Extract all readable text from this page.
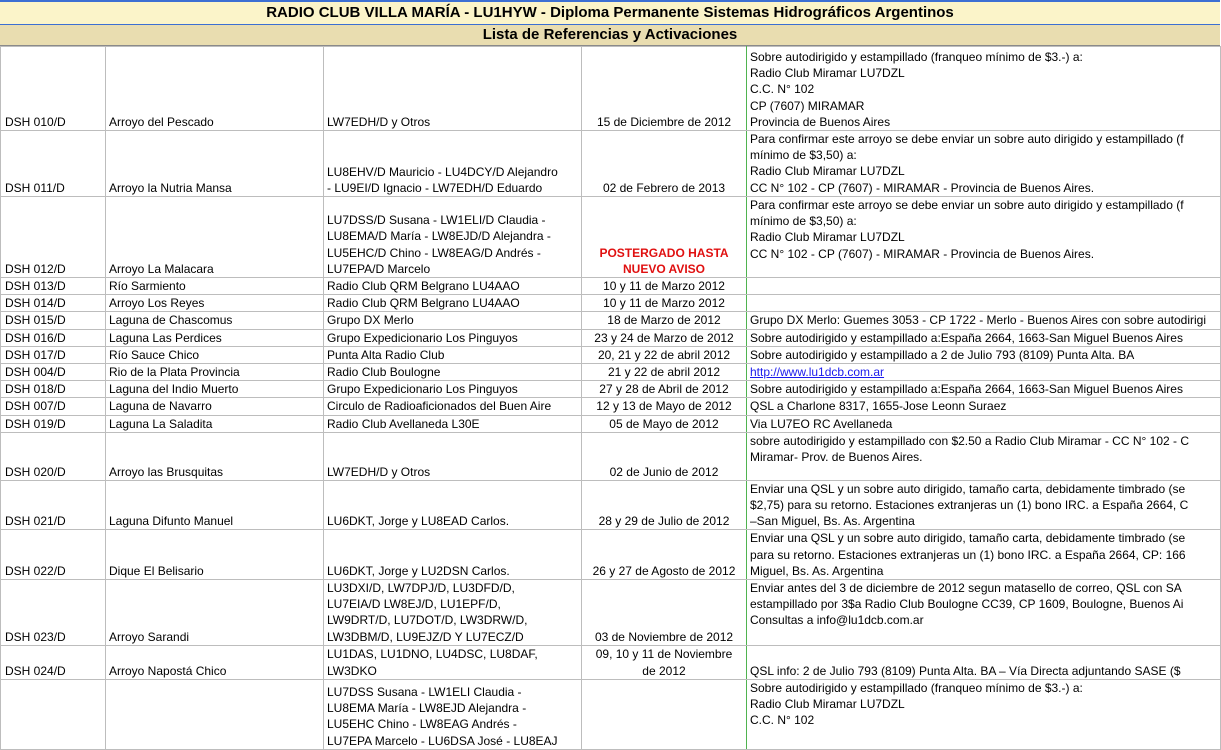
RADIO CLUB VILLA MARÍA - LU1HYW - Diploma Permanente Sistemas Hidrográficos Argentinos
Lista de Referencias y Activaciones
DSH 010/D	Arroyo del Pescado	LW7EDH/D y Otros	15 de Diciembre de 2012	Sobre autodirigido y estampillado (franqueo mínimo de $3.-) a:
Radio Club Miramar LU7DZL
C.C. N° 102
CP (7607) MIRAMAR
Provincia de Buenos Aires

DSH 011/D	Arroyo la Nutria Mansa	LU8EHV/D Mauricio - LU4DCY/D Alejandro
- LU9EI/D Ignacio - LW7EDH/D Eduardo	02 de Febrero de 2013	Para confirmar este arroyo se debe enviar un sobre auto dirigido y estampillado (f
mínimo de $3,50) a:
Radio Club Miramar LU7DZL
CC N° 102 - CP (7607) - MIRAMAR - Provincia de Buenos Aires.

DSH 012/D	Arroyo La Malacara	LU7DSS/D Susana - LW1ELI/D Claudia -
LU8EMA/D María - LW8EJD/D Alejandra -
LU5EHC/D Chino - LW8EAG/D Andrés -
LU7EPA/D Marcelo	POSTERGADO HASTA
NUEVO AVISO	Para confirmar este arroyo se debe enviar un sobre auto dirigido y estampillado (f
mínimo de $3,50) a:
Radio Club Miramar LU7DZL
CC N° 102 - CP (7607) - MIRAMAR - Provincia de Buenos Aires.

DSH 013/D	Río Sarmiento	Radio Club QRM Belgrano LU4AAO	10 y 11 de Marzo 2012	

DSH 014/D	Arroyo Los Reyes	Radio Club QRM Belgrano LU4AAO	10 y 11 de Marzo 2012	

DSH 015/D	Laguna de Chascomus	Grupo DX Merlo	18 de Marzo de 2012	Grupo DX Merlo: Guemes 3053 - CP 1722 - Merlo - Buenos Aires con sobre autodirigi

DSH 016/D	Laguna Las Perdices	Grupo Expedicionario Los Pinguyos	23 y 24 de Marzo de 2012	Sobre autodirigido y estampillado a:España 2664, 1663-San Miguel Buenos Aires

DSH 017/D	Río Sauce Chico	Punta Alta Radio Club	20, 21 y 22 de abril 2012	Sobre autodirigido y estampillado a 2 de Julio 793 (8109) Punta Alta. BA

DSH 004/D	Rio de la Plata Provincia	Radio Club Boulogne	21 y 22 de abril 2012	http://www.lu1dcb.com.ar

DSH 018/D	Laguna del Indio Muerto	Grupo Expedicionario Los Pinguyos	27 y 28 de Abril de 2012	Sobre autodirigido y estampillado a:España 2664, 1663-San Miguel Buenos Aires

DSH 007/D	Laguna de Navarro	Circulo de Radioaficionados del Buen Aire	12 y 13 de Mayo de 2012	QSL a Charlone 8317, 1655-Jose Leonn Suraez

DSH 019/D	Laguna La Saladita	Radio Club Avellaneda L30E	05 de Mayo de 2012	Via LU7EO RC Avellaneda

DSH 020/D	Arroyo las Brusquitas	LW7EDH/D y Otros	02 de Junio de 2012	sobre autodirigido y estampillado con $2.50 a Radio Club Miramar - CC N° 102 - C
Miramar- Prov. de Buenos Aires.

DSH 021/D	Laguna Difunto Manuel	LU6DKT, Jorge y LU8EAD Carlos.	28 y 29 de Julio de 2012	Enviar una QSL y un sobre auto dirigido, tamaño carta, debidamente timbrado (se
$2,75) para su retorno. Estaciones extranjeras un (1) bono IRC. a España 2664, C
–San Miguel, Bs. As. Argentina

DSH 022/D	Dique El Belisario	LU6DKT, Jorge y LU2DSN Carlos.	26 y 27 de Agosto de 2012	Enviar una QSL y un sobre auto dirigido, tamaño carta, debidamente timbrado (se
para su retorno. Estaciones extranjeras un (1) bono IRC. a España 2664, CP: 166
Miguel, Bs. As. Argentina

DSH 023/D	Arroyo Sarandi	LU3DXI/D, LW7DPJ/D, LU3DFD/D,
LU7EIA/D LW8EJ/D, LU1EPF/D,
LW9DRT/D, LU7DOT/D, LW3DRW/D,
LW3DBM/D, LU9EJZ/D Y LU7ECZ/D	03 de Noviembre de 2012	Enviar antes del 3 de diciembre de 2012 segun matasello de correo, QSL con SA
estampillado por 3$a Radio Club Boulogne CC39, CP 1609, Boulogne, Buenos Ai
Consultas a info@lu1dcb.com.ar

DSH 024/D	Arroyo Napostá Chico	LU1DAS, LU1DNO, LU4DSC, LU8DAF,
LW3DKO	09, 10 y 11 de Noviembre
de 2012	QSL info: 2 de Julio 793 (8109) Punta Alta. BA – Vía Directa adjuntando SASE ($

		LU7DSS Susana - LW1ELI Claudia -
LU8EMA María - LW8EJD Alejandra -
LU5EHC Chino - LW8EAG Andrés -
LU7EPA Marcelo - LU6DSA José - LU8EAJ		Sobre autodirigido y estampillado (franqueo mínimo de $3.-) a:
Radio Club Miramar LU7DZL
C.C. N° 102
